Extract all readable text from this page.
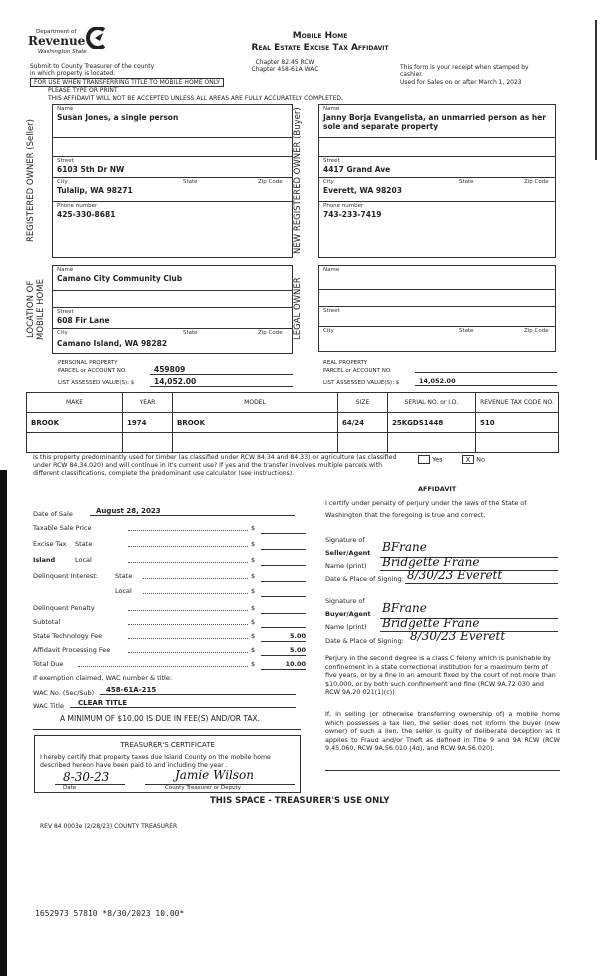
Department of
Revenue
Washington State
Mobile Home
Real Estate Excise Tax Affidavit
Submit to County Treasurer of the county
in which property is located.
Chapter 82.45 RCW
Chapter 458-61A WAC	This form is your receipt when stamped by
cashier.
Used for Sales on or after March 1, 2023
FOR USE WHEN TRANSFERRING TITLE TO MOBILE HOME ONLY
PLEASE TYPE OR PRINT
THIS AFFIDAVIT WILL NOT BE ACCEPTED UNLESS ALL AREAS ARE FULLY ACCURATELY COMPLETED.
REGISTERED OWNER (Seller)
Name
Susan Jones, a single person
Street
6103 5th Dr NW
City	State	Zip Code
Tulalip, WA 98271
Phone number
425-330-8681	NEW REGISTERED OWNER (Buyer)	Name
Janny Borja Evangelista, an unmarried person as her sole and separate property
Street
4417 Grand Ave
City	State	Zip Code
Everett, WA 98203
Phone number
743-233-7419
LOCATION OF MOBILE HOME
Name
Camano City Community Club
Street
608 Fir Lane
City	State	Zip Code
Camano Island, WA 98282
LEGAL OWNER
Name
Street
City	State	Zip Code
PERSONAL PROPERTY
PARCEL or ACCOUNT NO.	459809
LIST ASSESSED VALUE(S): $	14,052.00
REAL PROPERTY
PARCEL or ACCOUNT NO.
LIST ASSESSED VALUE(S): $	14,052.00
MAKE	YEAR	MODEL	SIZE	SERIAL NO. or I.D.	REVENUE TAX CODE NO.
BROOK	1974	BROOK	64/24	25KGDS1448	510

Is this property predominantly used for timber (as classified under RCW 84.34 and 84.33) or agriculture (as classified under RCW 84.34.020) and will continue in it's current use? If yes and the transfer involves multiple parcels with different classifications, complete the predominant use calculator (see instructions).
Yes	X No
AFFIDAVIT
Date of Sale	August 28, 2023
Taxable Sale Price	$
Excise Tax State	$
Island	Local	$
Delinquent Interest:	State	$
Local	$
Delinquent Penalty	$
Subtotal	$
State Technology Fee	$	5.00
Affidavit Processing Fee	$	5.00
Total Due	$	10.00
If exemption claimed, WAC number & title:
WAC No. (Sec/Sub)	458-61A-215
WAC Title	CLEAR TITLE
A MINIMUM OF $10.00 IS DUE IN FEE(S) AND/OR TAX.
TREASURER'S CERTIFICATE
I hereby certify that property taxes due Island County on the mobile home described hereon have been paid to and including the year .
8-30-23
Date
Jamie Wilson
County Treasurer or Deputy
I certify under penalty of perjury under the laws of the State of Washington that the foregoing is true and correct.
Signature of
Seller/Agent BFrane
Name (print) Bridgette Frane
Date & Place of Signing: 8/30/23 Everett
Signature of
Buyer/Agent BFrane
Name (print) Bridgette Frane
Date & Place of Signing: 8/30/23 Everett
Perjury in the second degree is a class C felony which is punishable by confinement in a state correctional institution for a maximum term of five years, or by a fine in an amount fixed by the court of not more than $10,000, or by both such confinement and fine (RCW 9A.72 030 and RCW 9A.20 021(1)(c))
If, in selling (or otherwise transferring ownership of) a mobile home which possesses a tax lien, the seller does not inform the buyer (new owner) of such a lien, the seller is guilty of deliberate deception as it applies to Fraud and/or Theft as defined in Title 9 and 9A RCW (RCW 9.45.060, RCW 9A.56.010 (4d), and RCW 9A.56.020).
THIS SPACE - TREASURER'S USE ONLY
REV 84 0003e (2/28/23) COUNTY TREASURER
1652973 57810 *8/30/2023 10.00*
